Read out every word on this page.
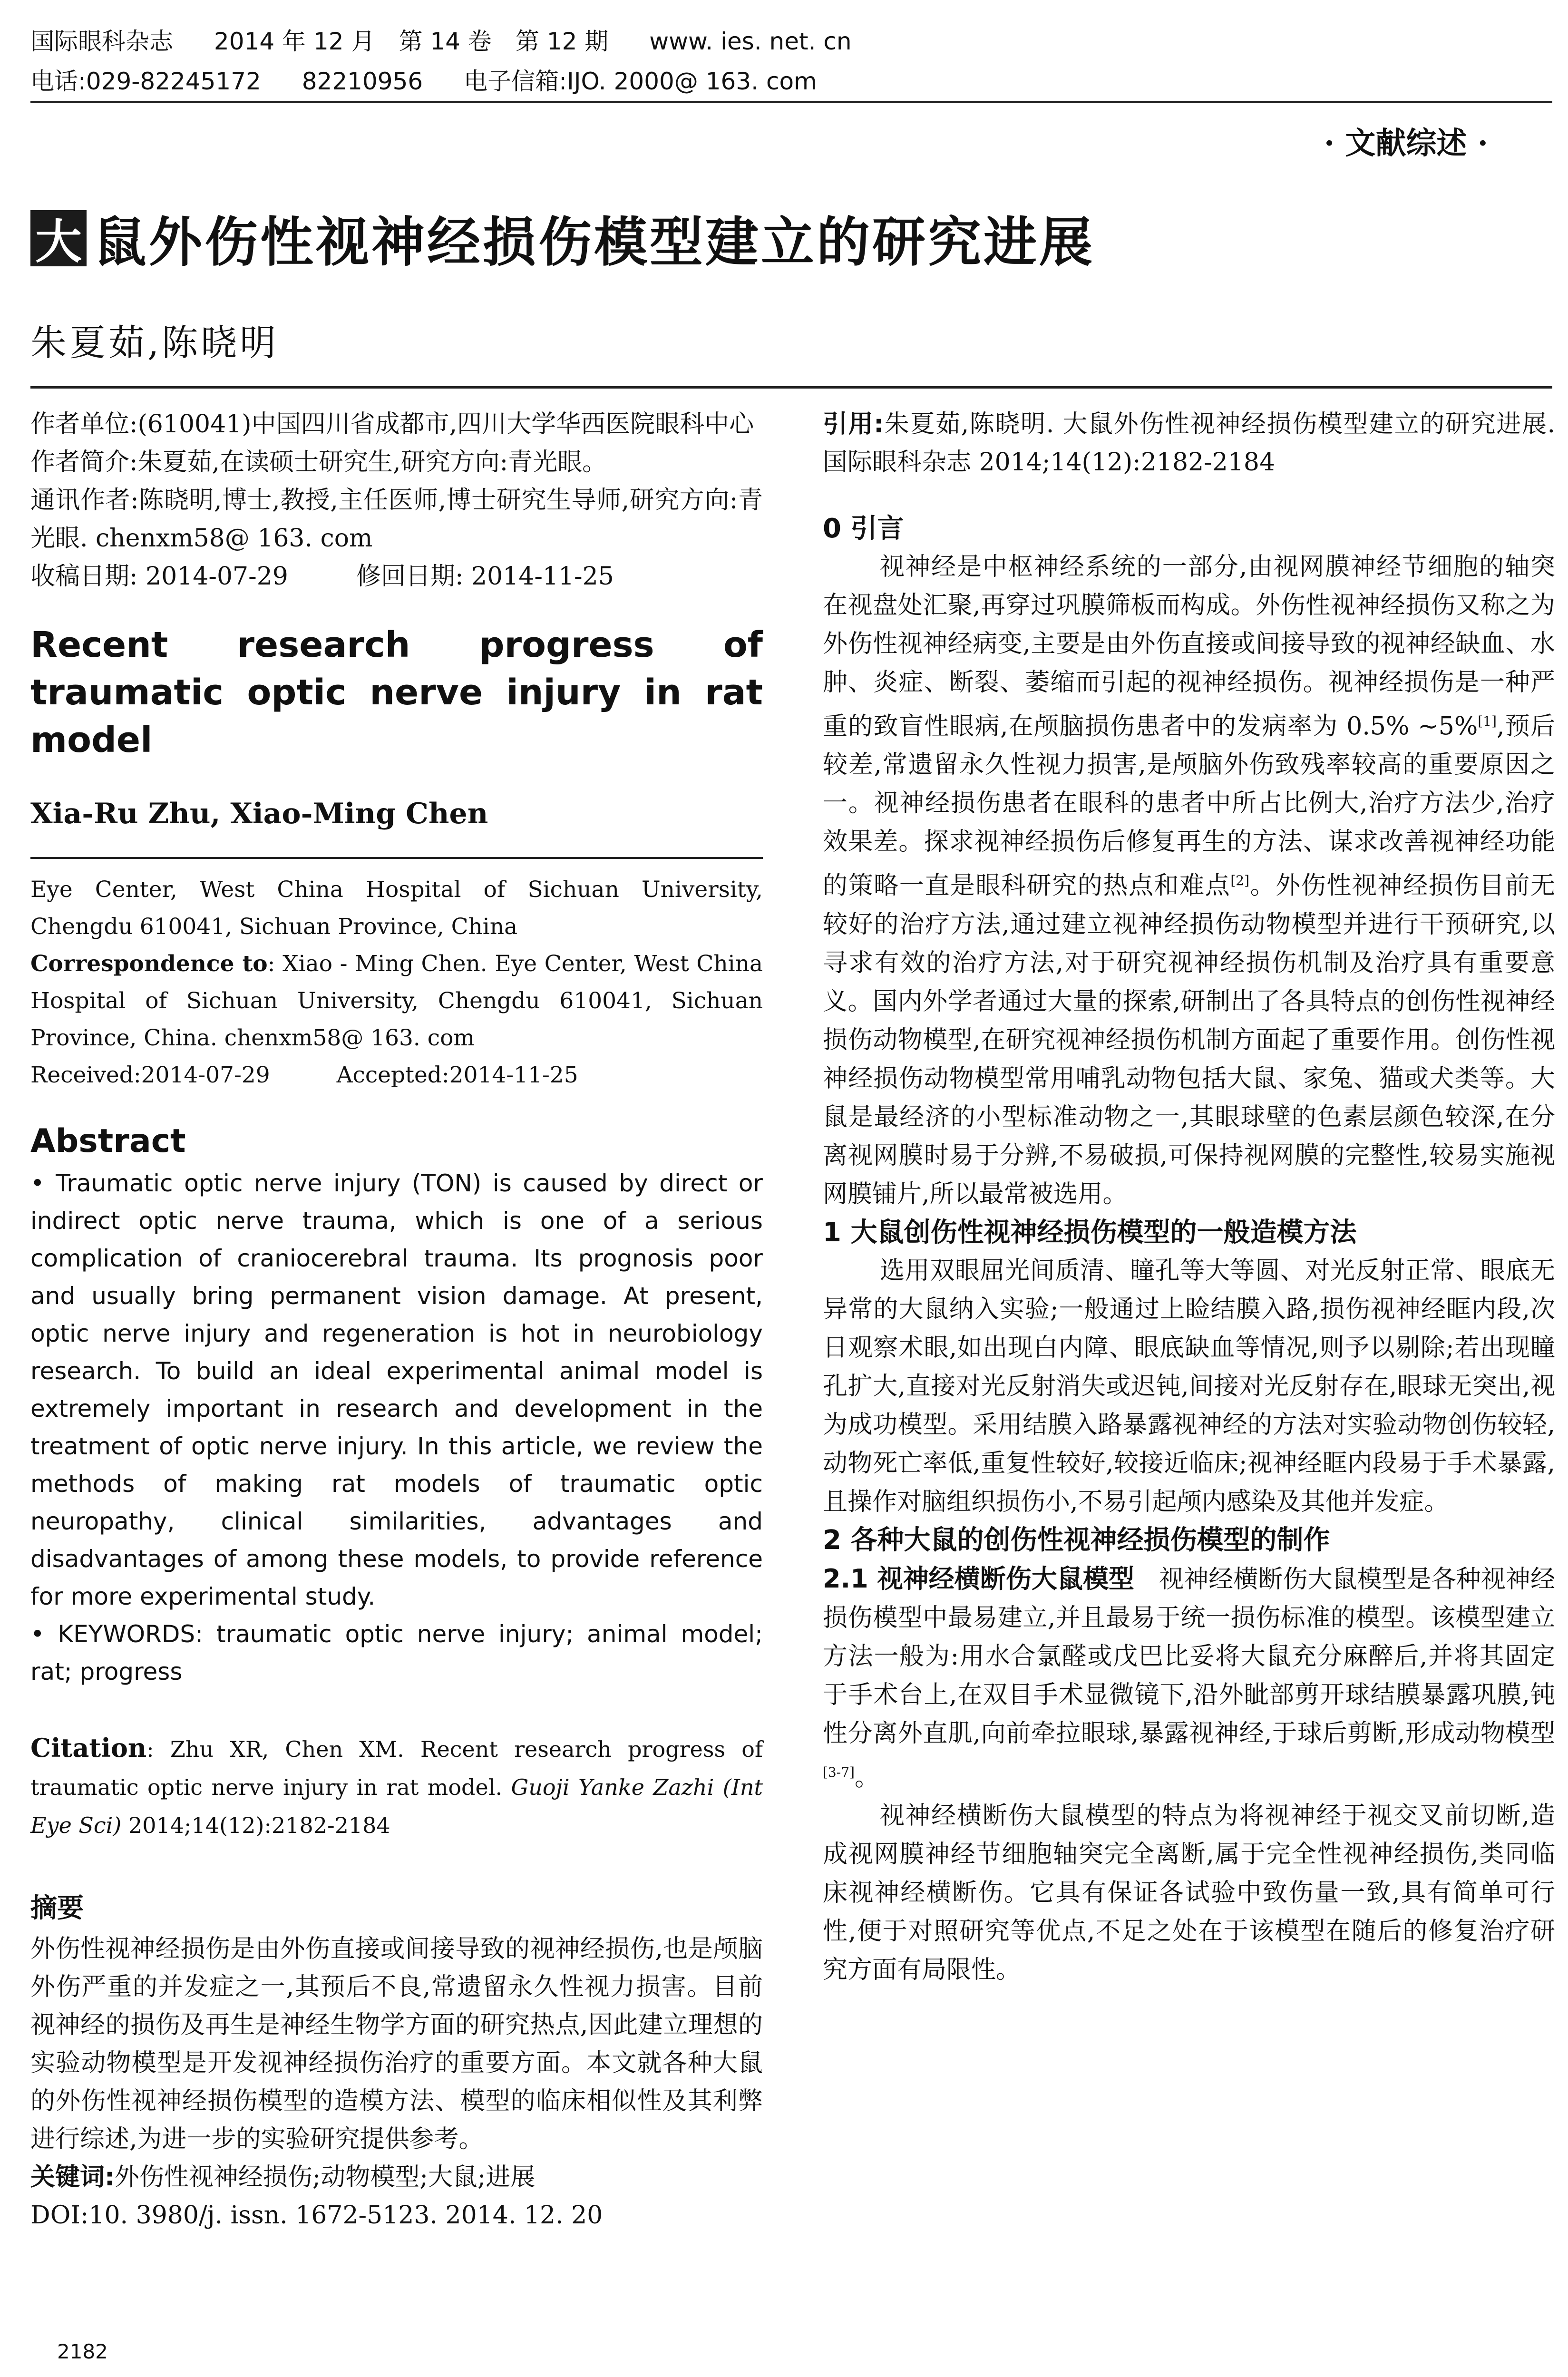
国际眼科杂志 2014 年 12 月　第 14 卷　第 12 期 www. ies. net. cn
电话:029-82245172 82210956 电子信箱:IJO. 2000@ 163. com
· 文献综述 ·
大 鼠外伤性视神经损伤模型建立的研究进展
朱夏茹,陈晓明

作者单位:(610041)中国四川省成都市,四川大学华西医院眼科中心

作者简介:朱夏茹,在读硕士研究生,研究方向:青光眼。

通讯作者:陈晓明,博士,教授,主任医师,博士研究生导师,研究方向:青光眼. chenxm58@ 163. com

收稿日期: 2014-07-29	修回日期: 2014-11-25

Recent research progress of traumatic optic nerve injury in rat model
Xia-Ru Zhu, Xiao-Ming Chen

Eye Center, West China Hospital of Sichuan University, Chengdu 610041, Sichuan Province, China

Correspondence to: Xiao - Ming Chen. Eye Center, West China Hospital of Sichuan University, Chengdu 610041, Sichuan Province, China. chenxm58@ 163. com

Received:2014-07-29	Accepted:2014-11-25

Abstract

• Traumatic optic nerve injury (TON) is caused by direct or indirect optic nerve trauma, which is one of a serious complication of craniocerebral trauma. Its prognosis poor and usually bring permanent vision damage. At present, optic nerve injury and regeneration is hot in neurobiology research. To build an ideal experimental animal model is extremely important in research and development in the treatment of optic nerve injury. In this article, we review the methods of making rat models of traumatic optic neuropathy, clinical similarities, advantages and disadvantages of among these models, to provide reference for more experimental study.

• KEYWORDS: traumatic optic nerve injury; animal model; rat; progress

Citation: Zhu XR, Chen XM. Recent research progress of traumatic optic nerve injury in rat model. Guoji Yanke Zazhi (Int Eye Sci) 2014;14(12):2182-2184
摘要
外伤性视神经损伤是由外伤直接或间接导致的视神经损伤,也是颅脑外伤严重的并发症之一,其预后不良,常遗留永久性视力损害。目前视神经的损伤及再生是神经生物学方面的研究热点,因此建立理想的实验动物模型是开发视神经损伤治疗的重要方面。本文就各种大鼠的外伤性视神经损伤模型的造模方法、模型的临床相似性及其利弊进行综述,为进一步的实验研究提供参考。
关键词:外伤性视神经损伤;动物模型;大鼠;进展
DOI:10. 3980/j. issn. 1672-5123. 2014. 12. 20
引用:朱夏茹,陈晓明. 大鼠外伤性视神经损伤模型建立的研究进展. 国际眼科杂志 2014;14(12):2182-2184
0 引言

视神经是中枢神经系统的一部分,由视网膜神经节细胞的轴突在视盘处汇聚,再穿过巩膜筛板而构成。外伤性视神经损伤又称之为外伤性视神经病变,主要是由外伤直接或间接导致的视神经缺血、水肿、炎症、断裂、萎缩而引起的视神经损伤。视神经损伤是一种严重的致盲性眼病,在颅脑损伤患者中的发病率为 0.5% ~5%[1],预后较差,常遗留永久性视力损害,是颅脑外伤致残率较高的重要原因之一。视神经损伤患者在眼科的患者中所占比例大,治疗方法少,治疗效果差。探求视神经损伤后修复再生的方法、谋求改善视神经功能的策略一直是眼科研究的热点和难点[2]。外伤性视神经损伤目前无较好的治疗方法,通过建立视神经损伤动物模型并进行干预研究,以寻求有效的治疗方法,对于研究视神经损伤机制及治疗具有重要意义。国内外学者通过大量的探索,研制出了各具特点的创伤性视神经损伤动物模型,在研究视神经损伤机制方面起了重要作用。创伤性视神经损伤动物模型常用哺乳动物包括大鼠、家兔、猫或犬类等。大鼠是最经济的小型标准动物之一,其眼球壁的色素层颜色较深,在分离视网膜时易于分辨,不易破损,可保持视网膜的完整性,较易实施视网膜铺片,所以最常被选用。

1 大鼠创伤性视神经损伤模型的一般造模方法

选用双眼屈光间质清、瞳孔等大等圆、对光反射正常、眼底无异常的大鼠纳入实验;一般通过上睑结膜入路,损伤视神经眶内段,次日观察术眼,如出现白内障、眼底缺血等情况,则予以剔除;若出现瞳孔扩大,直接对光反射消失或迟钝,间接对光反射存在,眼球无突出,视为成功模型。采用结膜入路暴露视神经的方法对实验动物创伤较轻,动物死亡率低,重复性较好,较接近临床;视神经眶内段易于手术暴露,且操作对脑组织损伤小,不易引起颅内感染及其他并发症。

2 各种大鼠的创伤性视神经损伤模型的制作

2.1 视神经横断伤大鼠模型　视神经横断伤大鼠模型是各种视神经损伤模型中最易建立,并且最易于统一损伤标准的模型。该模型建立方法一般为:用水合氯醛或戊巴比妥将大鼠充分麻醉后,并将其固定于手术台上,在双目手术显微镜下,沿外眦部剪开球结膜暴露巩膜,钝性分离外直肌,向前牵拉眼球,暴露视神经,于球后剪断,形成动物模型[3-7]。

视神经横断伤大鼠模型的特点为将视神经于视交叉前切断,造成视网膜神经节细胞轴突完全离断,属于完全性视神经损伤,类同临床视神经横断伤。它具有保证各试验中致伤量一致,具有简单可行性,便于对照研究等优点,不足之处在于该模型在随后的修复治疗研究方面有局限性。

2182
